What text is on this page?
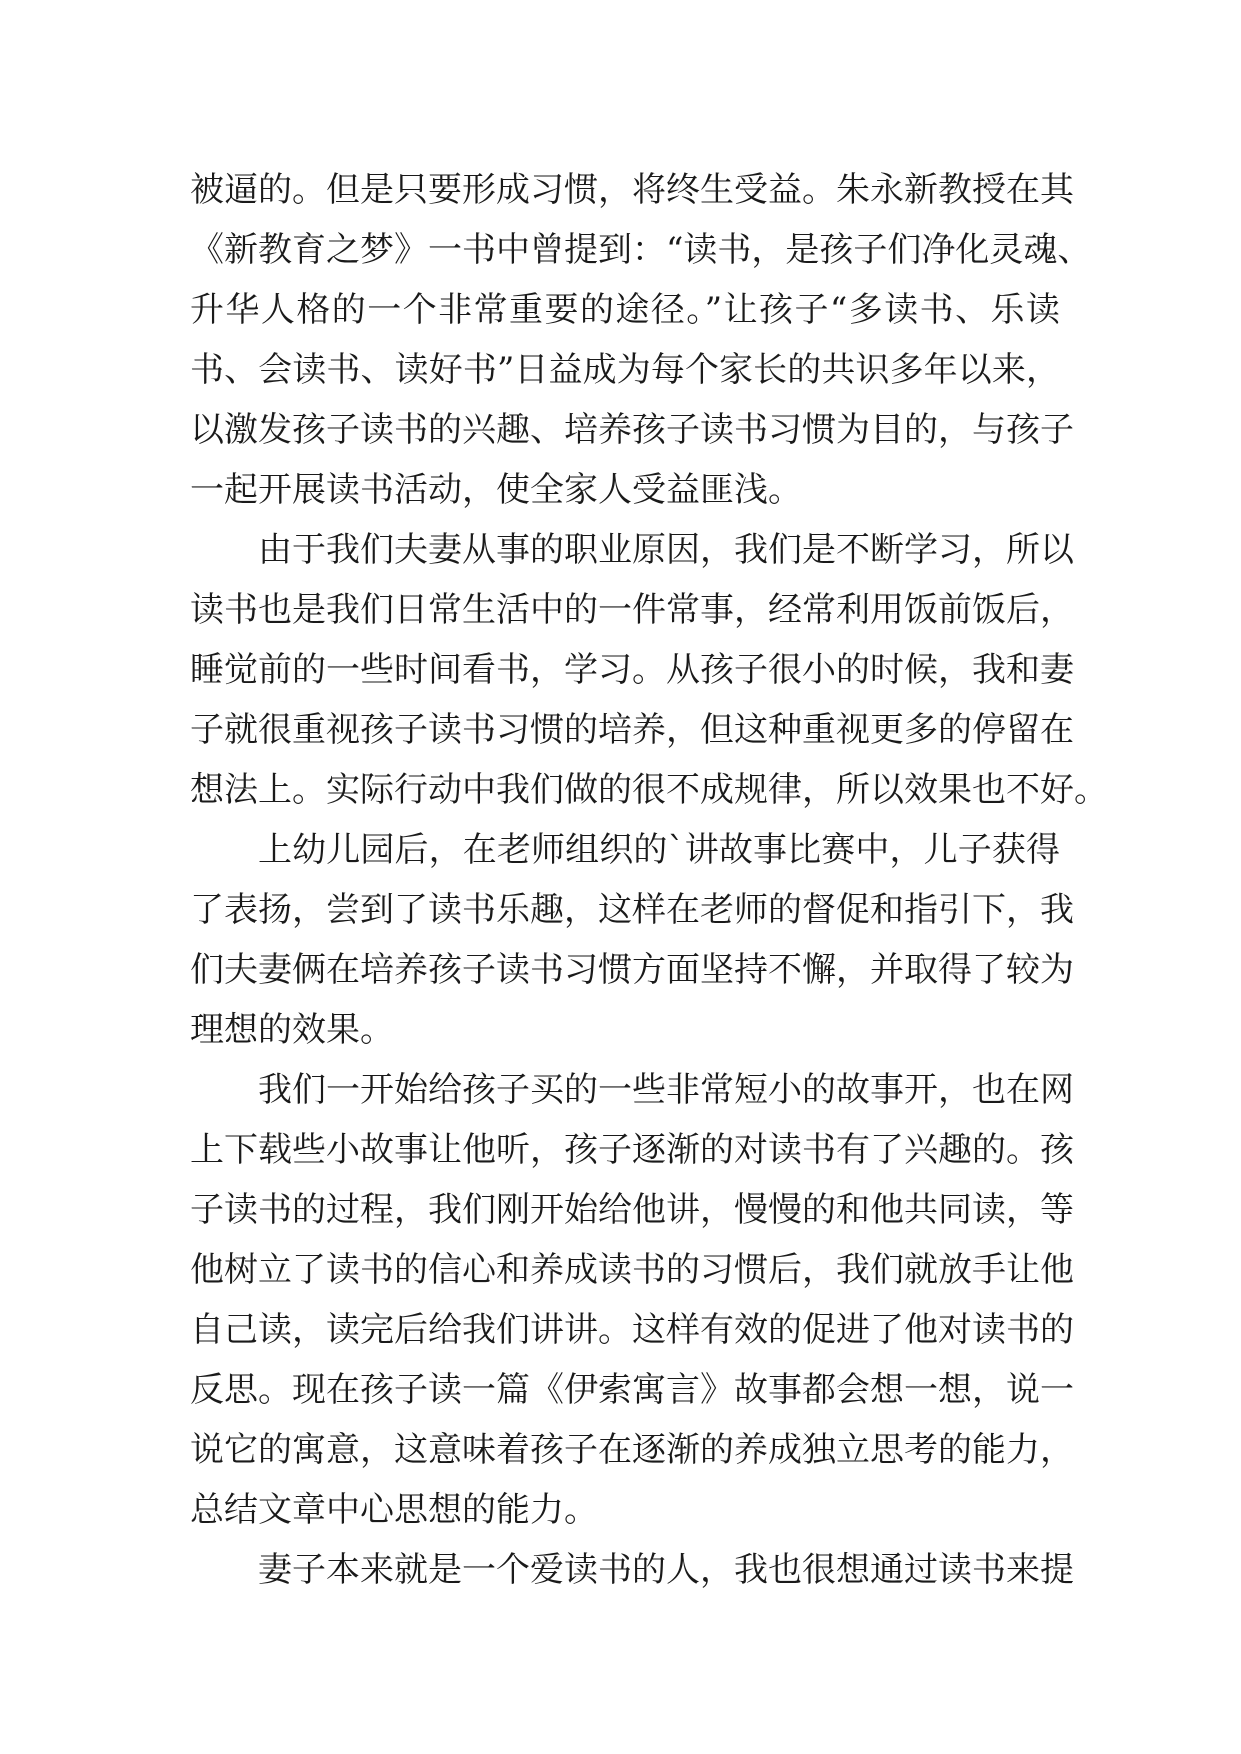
被逼的。但是只要形成习惯，将终生受益。朱永新教授在其
《新教育之梦》一书中曾提到：“读书，是孩子们净化灵魂、
升华人格的一个非常重要的途径。”让孩子“多读书、乐读
书、会读书、读好书”日益成为每个家长的共识多年以来，
以激发孩子读书的兴趣、培养孩子读书习惯为目的，与孩子
一起开展读书活动，使全家人受益匪浅。
由于我们夫妻从事的职业原因，我们是不断学习，所以
读书也是我们日常生活中的一件常事，经常利用饭前饭后，
睡觉前的一些时间看书，学习。从孩子很小的时候，我和妻
子就很重视孩子读书习惯的培养，但这种重视更多的停留在
想法上。实际行动中我们做的很不成规律，所以效果也不好。
上幼儿园后，在老师组织的`讲故事比赛中，儿子获得
了表扬，尝到了读书乐趣，这样在老师的督促和指引下，我
们夫妻俩在培养孩子读书习惯方面坚持不懈，并取得了较为
理想的效果。
我们一开始给孩子买的一些非常短小的故事开，也在网
上下载些小故事让他听，孩子逐渐的对读书有了兴趣的。孩
子读书的过程，我们刚开始给他讲，慢慢的和他共同读，等
他树立了读书的信心和养成读书的习惯后，我们就放手让他
自己读，读完后给我们讲讲。这样有效的促进了他对读书的
反思。现在孩子读一篇《伊索寓言》故事都会想一想，说一
说它的寓意，这意味着孩子在逐渐的养成独立思考的能力，
总结文章中心思想的能力。
妻子本来就是一个爱读书的人，我也很想通过读书来提
